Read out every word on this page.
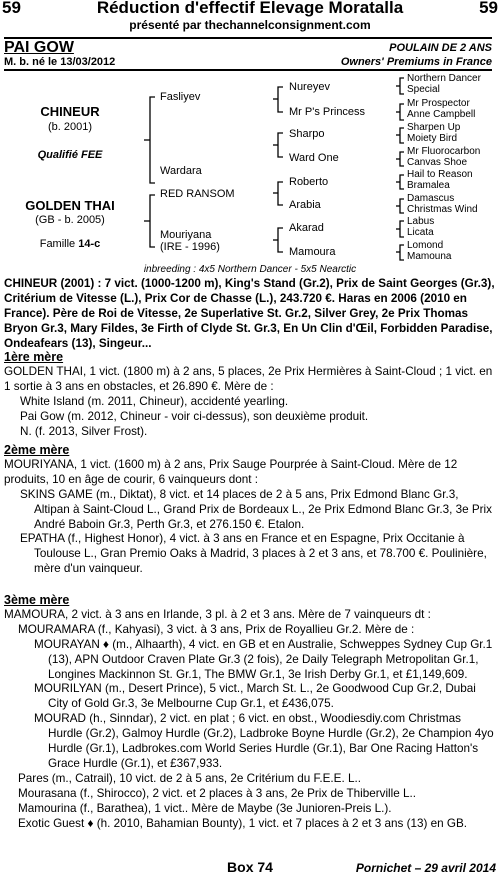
59	Réduction d'effectif Elevage Moratalla	59
présenté par thechannelconsignment.com
PAI GOW	POULAIN DE 2 ANS
M. b. né le 13/03/2012	Owners' Premiums in France
CHINEUR
(b. 2001)
Qualifié FEE
GOLDEN THAI
(GB - b. 2005)
Famille 14-c
Fasliyev
Wardara
RED RANSOM
Mouriyana
(IRE - 1996)
Nureyev
Mr P's Princess
Sharpo
Ward One
Roberto
Arabia
Akarad
Mamoura
Northern Dancer
Special
Mr Prospector
Anne Campbell
Sharpen Up
Moiety Bird
Mr Fluorocarbon
Canvas Shoe
Hail to Reason
Bramalea
Damascus
Christmas Wind
Labus
Licata
Lomond
Mamouna
inbreeding : 4x5 Northern Dancer - 5x5 Nearctic

CHINEUR (2001) : 7 vict. (1000-1200 m), King's Stand (Gr.2), Prix de Saint Georges (Gr.3), Critérium de Vitesse (L.), Prix Cor de Chasse (L.), 243.720 €. Haras en 2006 (2010 en France). Père de Roi de Vitesse, 2e Superlative St. Gr.2, Silver Grey, 2e Prix Thomas Bryon Gr.3, Mary Fildes, 3e Firth of Clyde St. Gr.3, En Un Clin d'Œil, Forbidden Paradise, Ondeafears (13), Singeur...

1ère mère

GOLDEN THAI, 1 vict. (1800 m) à 2 ans, 5 places, 2e Prix Hermières à Saint-Cloud ; 1 vict. en 1 sortie à 3 ans en obstacles, et 26.890 €. Mère de :

White Island (m. 2011, Chineur), accidenté yearling.

Pai Gow (m. 2012, Chineur - voir ci-dessus), son deuxième produit.

N. (f. 2013, Silver Frost).

2ème mère

MOURIYANA, 1 vict. (1600 m) à 2 ans, Prix Sauge Pourprée à Saint-Cloud. Mère de 12 produits, 10 en âge de courir, 6 vainqueurs dont :

SKINS GAME (m., Diktat), 8 vict. et 14 places de 2 à 5 ans, Prix Edmond Blanc Gr.3, Altipan à Saint-Cloud L., Grand Prix de Bordeaux L., 2e Prix Edmond Blanc Gr.3, 3e Prix André Baboin Gr.3, Perth Gr.3, et 276.150 €. Etalon.

EPATHA (f., Highest Honor), 4 vict. à 3 ans en France et en Espagne, Prix Occitanie à Toulouse L., Gran Premio Oaks à Madrid, 3 places à 2 et 3 ans, et 78.700 €. Poulinière, mère d'un vainqueur.

3ème mère

MAMOURA, 2 vict. à 3 ans en Irlande, 3 pl. à 2 et 3 ans. Mère de 7 vainqueurs dt :

MOURAMARA (f., Kahyasi), 3 vict. à 3 ans, Prix de Royallieu Gr.2. Mère de :

MOURAYAN ♦ (m., Alhaarth), 4 vict. en GB et en Australie, Schweppes Sydney Cup Gr.1 (13), APN Outdoor Craven Plate Gr.3 (2 fois), 2e Daily Telegraph Metropolitan Gr.1, Longines Mackinnon St. Gr.1, The BMW Gr.1, 3e Irish Derby Gr.1, et £1,149,609.

MOURILYAN (m., Desert Prince), 5 vict., March St. L., 2e Goodwood Cup Gr.2, Dubai City of Gold Gr.3, 3e Melbourne Cup Gr.1, et £436,075.

MOURAD (h., Sinndar), 2 vict. en plat ; 6 vict. en obst., Woodiesdiy.com Christmas Hurdle (Gr.2), Galmoy Hurdle (Gr.2), Ladbroke Boyne Hurdle (Gr.2), 2e Champion 4yo Hurdle (Gr.1), Ladbrokes.com World Series Hurdle (Gr.1), Bar One Racing Hatton's Grace Hurdle (Gr.1), et £367,933.

Pares (m., Catrail), 10 vict. de 2 à 5 ans, 2e Critérium du F.E.E. L..

Mourasana (f., Shirocco), 2 vict. et 2 places à 3 ans, 2e Prix de Thiberville L..

Mamourina (f., Barathea), 1 vict.. Mère de Maybe (3e Junioren-Preis L.).

Exotic Guest ♦ (h. 2010, Bahamian Bounty), 1 vict. et 7 places à 2 et 3 ans (13) en GB.

Box 74	Pornichet – 29 avril 2014
